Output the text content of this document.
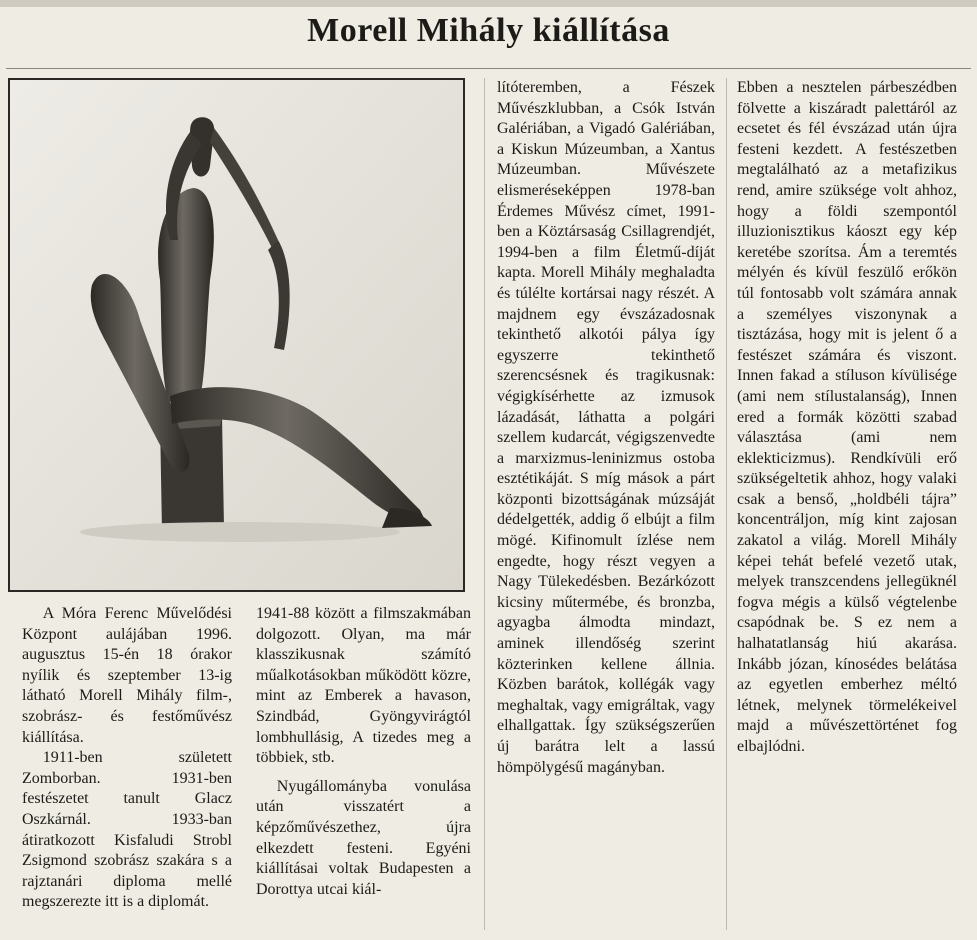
Morell Mihály kiállítása

A Móra Ferenc Művelődési Központ aulájában 1996. augusztus 15-én 18 órakor nyílik és szeptember 13-ig látható Morell Mihály film-, szobrász- és festőművész kiállítása.

1911-ben született Zomborban. 1931-ben festészetet tanult Glacz Oszkárnál. 1933-ban átiratkozott Kisfaludi Strobl Zsigmond szobrász szakára s a rajztanári diploma mellé megszerezte itt is a diplomát.

1941-88 között a filmszakmában dolgozott. Olyan, ma már klasszikusnak számító műalkotásokban működött közre, mint az Emberek a havason, Szindbád, Gyöngyvirágtól lombhullásig, A tizedes meg a többiek, stb.

Nyugállományba vonulása után visszatért a képzőművészethez, újra elkezdett festeni. Egyéni kiállításai voltak Budapesten a Dorottya utcai kiál-

lítóteremben, a Fészek Művészklubban, a Csók István Galériában, a Vigadó Galériában, a Kiskun Múzeumban, a Xantus Múzeumban. Művészete elismeréseképpen 1978-ban Érdemes Művész címet, 1991-ben a Köztársaság Csillagrendjét, 1994-ben a film Életmű-díját kapta. Morell Mihály meghaladta és túlélte kortársai nagy részét. A majdnem egy évszázadosnak tekinthető alkotói pálya így egyszerre tekinthető szerencsésnek és tragikusnak: végigkísérhette az izmusok lázadását, láthatta a polgári szellem kudarcát, végigszenvedte a marxizmus-leninizmus ostoba esztétikáját. S míg mások a párt központi bizottságának múzsáját dédelgették, addig ő elbújt a film mögé. Kifinomult ízlése nem engedte, hogy részt vegyen a Nagy Tülekedésben. Bezárkózott kicsiny műtermébe, és bronzba, agyagba álmodta mindazt, aminek illendőség szerint közterinken kellene állnia. Közben barátok, kollégák vagy meghaltak, vagy emigráltak, vagy elhallgattak. Így szükségszerűen új barátra lelt a lassú hömpölygésű magányban.

Ebben a nesztelen párbeszédben fölvette a kiszáradt palettáról az ecsetet és fél évszázad után újra festeni kezdett. A festészetben megtalálható az a metafizikus rend, amire szüksége volt ahhoz, hogy a földi szempontól illuzionisztikus káoszt egy kép keretébe szorítsa. Ám a teremtés mélyén és kívül feszülő erőkön túl fontosabb volt számára annak a személyes viszonynak a tisztázása, hogy mit is jelent ő a festészet számára és viszont. Innen fakad a stíluson kívülisége (ami nem stílustalanság), Innen ered a formák közötti szabad választása (ami nem eklekticizmus). Rendkívüli erő szükségeltetik ahhoz, hogy valaki csak a benső, „holdbéli tájra” koncentráljon, míg kint zajosan zakatol a világ. Morell Mihály képei tehát befelé vezető utak, melyek transzcendens jellegüknél fogva mégis a külső végtelenbe csapódnak be. S ez nem a halhatatlanság hiú akarása. Inkább józan, kínosédes belátása az egyetlen emberhez méltó létnek, melynek törmelékeivel majd a művészettörténet fog elbajlódni.
